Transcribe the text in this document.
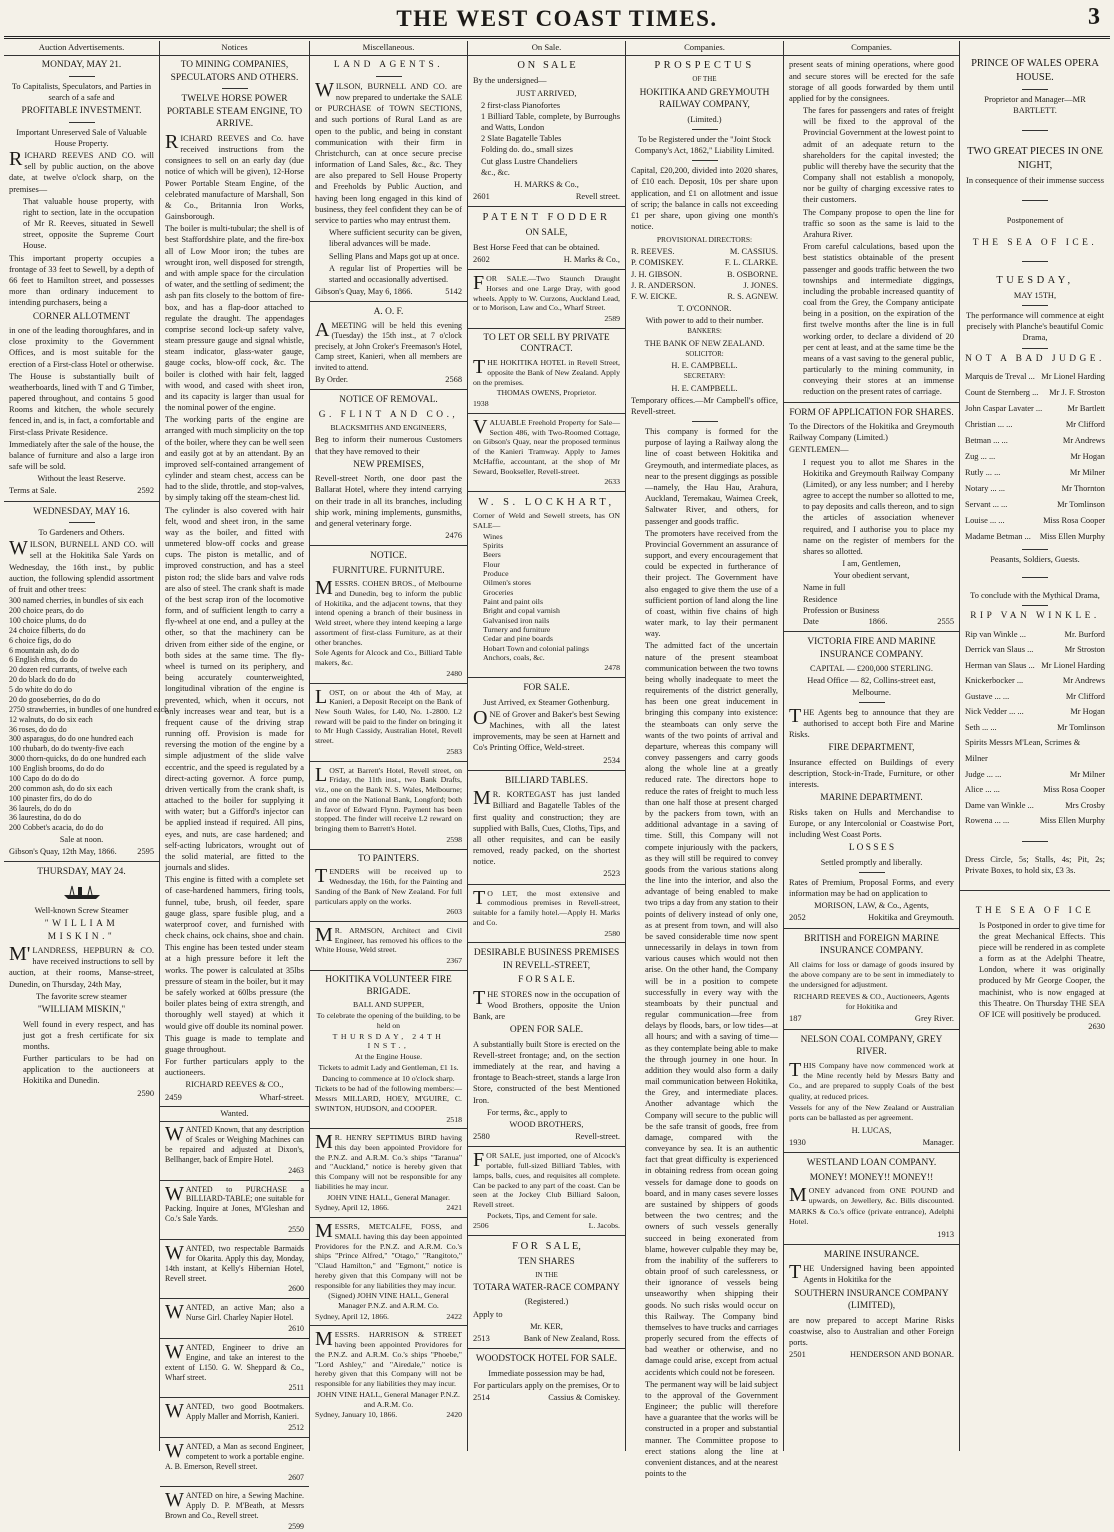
THE WEST COAST TIMES.	3
Auction Advertisements.
MONDAY, MAY 21.

To Capitalists, Speculators, and Parties in search of a safe and

PROFITABLE INVESTMENT.

Important Unreserved Sale of Valuable House Property.

RICHARD REEVES AND CO. will sell by public auction, on the above date, at twelve o'clock sharp, on the premises—

That valuable house property, with right to section, late in the occupation of Mr R. Reeves, situated in Sewell street, opposite the Supreme Court House.

This important property occupies a frontage of 33 feet to Sewell, by a depth of 66 feet to Hamilton street, and possesses more than ordinary inducement to intending purchasers, being a

CORNER ALLOTMENT

in one of the leading thoroughfares, and in close proximity to the Government Offices, and is most suitable for the erection of a First-class Hotel or otherwise.

The House is substantially built of weatherboards, lined with T and G Timber, papered throughout, and contains 5 good Rooms and kitchen, the whole securely fenced in, and is, in fact, a comfortable and First-class Private Residence.

Immediately after the sale of the house, the balance of furniture and also a large iron safe will be sold.

Without the least Reserve.

Terms at Sale.	2592
WEDNESDAY, MAY 16.

To Gardeners and Others.

WILSON, BURNELL AND CO. will sell at the Hokitika Sale Yards on Wednesday, the 16th inst., by public auction, the following splendid assortment of fruit and other trees:

300 named cherries, in bundles of six each
200 choice pears, do do
100 choice plums, do do
24 choice filberts, do do
6 choice figs, do do
6 mountain ash, do do
6 English elms, do do
20 dozen red currants, of twelve each
20 do black do do do
5 do white do do do
20 do gooseberries, do do do
2750 strawberries, in bundles of one hundred each
12 walnuts, do do six each
36 roses, do do do
300 asparagus, do do one hundred each
100 rhubarb, do do twenty-five each
3000 thorn-quicks, do do one hundred each
100 English brooms, do do do
100 Capo do do do do
200 common ash, do do six each
100 pinaster firs, do do do
36 laurels, do do do
36 laurestina, do do do
200 Cobbet's acacia, do do do

Sale at noon.

Gibson's Quay, 12th May, 1866. 2595
THURSDAY, MAY 24.

Well-known Screw Steamer

"WILLIAM MISKIN."

M'LANDRESS, HEPBURN & CO. have received instructions to sell by auction, at their rooms, Manse-street, Dunedin, on Thursday, 24th May,

The favorite screw steamer

"WILLIAM MISKIN,"

Well found in every respect, and has just got a fresh certificate for six months.

Further particulars to be had on application to the auctioneers at Hokitika and Dunedin.

2590
Notices
TO MINING COMPANIES, SPECULATORS AND OTHERS.
TWELVE HORSE POWER PORTABLE STEAM ENGINE, TO ARRIVE.

RICHARD REEVES and Co. have received instructions from the consignees to sell on an early day (due notice of which will be given), 12-Horse Power Portable Steam Engine, of the celebrated manufacture of Marshall, Son & Co., Britannia Iron Works, Gainsborough.

The boiler is multi-tubular; the shell is of best Staffordshire plate, and the fire-box all of Low Moor iron; the tubes are wrought iron, well disposed for strength, and with ample space for the circulation of water, and the settling of sediment; the ash pan fits closely to the bottom of fire-box, and has a flap-door attached to regulate the draught. The appendages comprise second lock-up safety valve, steam pressure gauge and signal whistle, steam indicator, glass-water gauge, gauge cocks, blow-off cock, &c. The boiler is clothed with hair felt, lagged with wood, and cased with sheet iron, and its capacity is larger than usual for the nominal power of the engine.

The working parts of the engine are arranged with much simplicity on the top of the boiler, where they can be well seen and easily got at by an attendant. By an improved self-contained arrangement of cylinder and steam chest, access can be had to the slide, throttle, and stop-valves, by simply taking off the steam-chest lid.

The cylinder is also covered with hair felt, wood and sheet iron, in the same way as the boiler, and fitted with unmetered blow-off cocks and grease cups. The piston is metallic, and of improved construction, and has a steel piston rod; the slide bars and valve rods are also of steel. The crank shaft is made of the best scrap iron of the locomotive form, and of sufficient length to carry a fly-wheel at one end, and a pulley at the other, so that the machinery can be driven from either side of the engine, or both sides at the same time. The fly-wheel is turned on its periphery, and being accurately counterweighted, longitudinal vibration of the engine is prevented, which, when it occurs, not only increases wear and tear, but is a frequent cause of the driving strap running off. Provision is made for reversing the motion of the engine by a simple adjustment of the slide valve eccentric, and the speed is regulated by a direct-acting governor. A force pump, driven vertically from the crank shaft, is attached to the boiler for supplying it with water; but a Gifford's injector can be applied instead if required. All pins, eyes, and nuts, are case hardened; and self-acting lubricators, wrought out of the solid material, are fitted to the journals and slides.

This engine is fitted with a complete set of case-hardened hammers, firing tools, funnel, tube, brush, oil feeder, spare gauge glass, spare fusible plug, and a waterproof cover, and furnished with check chains, ock chains, shoe and chain.

This engine has been tested under steam at a high pressure before it left the works. The power is calculated at 35lbs pressure of steam in the boiler, but it may be safely worked at 60lbs pressure (the boiler plates being of extra strength, and thoroughly well stayed) at which it would give off double its nominal power.

This guage is made to template and guage throughout.

For further particulars apply to the auctioneers.

RICHARD REEVES & CO.,

2459	Wharf-street.
Wanted.

WANTED Known, that any description of Scales or Weighing Machines can be repaired and adjusted at Dixon's, Bellhanger, back of Empire Hotel.

2463

WANTED to PURCHASE a BILLIARD-TABLE; one suitable for Packing. Inquire at Jones, M'Gleshan and Co.'s Sale Yards.

2550

WANTED, two respectable Barmaids for Okarita. Apply this day, Monday, 14th instant, at Kelly's Hibernian Hotel, Revell street.

2600

WANTED, an active Man; also a Nurse Girl. Charley Napier Hotel.

2610

WANTED, Engineer to drive an Engine, and take an interest to the extent of L150. G. W. Sheppard & Co., Wharf street.

2511

WANTED, two good Bootmakers. Apply Maller and Morrish, Kanieri.

2512

WANTED, a Man as second Engineer, competent to work a portable engine. A. B. Emerson, Revell street.

2607

WANTED on hire, a Sewing Machine. Apply D. P. M'Beath, at Messrs Brown and Co., Revell street.

2599
Miscellaneous.
LAND AGENTS.

WILSON, BURNELL AND CO. are now prepared to undertake the SALE or PURCHASE of TOWN SECTIONS, and such portions of Rural Land as are open to the public, and being in constant communication with their firm in Christchurch, can at once secure precise information of Land Sales, &c., &c. They are also prepared to Sell House Property and Freeholds by Public Auction, and having been long engaged in this kind of business, they feel confident they can be of service to parties who may entrust them.

Where sufficient security can be given, liberal advances will be made.

Selling Plans and Maps got up at once.

A regular list of Properties will be started and occasionally advertised.

Gibson's Quay, May 6, 1866.	5142
A. O. F.

AMEETING will be held this evening (Tuesday) the 15th inst., at 7 o'clock precisely, at John Croker's Freemason's Hotel, Camp street, Kanieri, when all members are invited to attend.

By Order.	2568
NOTICE OF REMOVAL.
G. FLINT AND CO.,

BLACKSMITHS AND ENGINEERS,

Beg to inform their numerous Customers that they have removed to their

NEW PREMISES,

Revell-street North, one door past the Ballarat Hotel, where they intend carrying on their trade in all its branches, including ship work, mining implements, gunsmiths, and general veterinary forge.

2476
NOTICE.
FURNITURE. FURNITURE.

MESSRS. COHEN BROS., of Melbourne and Dunedin, beg to inform the public of Hokitika, and the adjacent towns, that they intend opening a branch of their business in Weld street, where they intend keeping a large assortment of first-class Furniture, as at their other branches.

Sole Agents for Alcock and Co., Billiard Table makers, &c.

2480

LOST, on or about the 4th of May, at Kanieri, a Deposit Receipt on the Bank of New South Wales, for L40, No. 1-2800. L2 reward will be paid to the finder on bringing it to Mr Hugh Cassidy, Australian Hotel, Revell street.

2583

LOST, at Barrett's Hotel, Revell street, on Friday, the 11th inst., two Bank Drafts, viz., one on the Bank N. S. Wales, Melbourne; and one on the National Bank, Longford; both in favor of Edward Flynn. Payment has been stopped. The finder will receive L2 reward on bringing them to Barrett's Hotel.

2598
TO PAINTERS.

TENDERS will be received up to Wednesday, the 16th, for the Painting and Sanding of the Bank of New Zealand. For full particulars apply on the works.

2603

MR. ARMSON, Architect and Civil Engineer, has removed his offices to the White House, Weld street.

2367
HOKITIKA VOLUNTEER FIRE BRIGADE.

BALL AND SUPPER,

To celebrate the opening of the building, to be held on

THURSDAY, 24TH INST.,

At the Engine House.

Tickets to admit Lady and Gentleman, £1 1s.

Dancing to commence at 10 o'clock sharp.

Tickets to be had of the following members:—Messrs MILLARD, HOEY, M'GUIRE, C. SWINTON, HUDSON, and COOPER.

2518

MR. HENRY SEPTIMUS BIRD having this day been appointed Providore for the P.N.Z. and A.R.M. Co.'s ships "Taranua" and "Auckland," notice is hereby given that this Company will not be responsible for any liabilities he may incur.

JOHN VINE HALL, General Manager.

Sydney, April 12, 1866.	2421

MESSRS, METCALFE, FOSS, and SMALL having this day been appointed Providores for the P.N.Z. and A.R.M. Co.'s ships "Prince Alfred," "Otago," "Rangitoto," "Claud Hamilton," and "Egmont," notice is hereby given that this Company will not be responsible for any liabilities they may incur.

(Signed) JOHN VINE HALL, General Manager P.N.Z. and A.R.M. Co.

Sydney, April 12, 1866.	2422

MESSRS. HARRISON & STREET having been appointed Providores for the P.N.Z. and A.R.M. Co.'s ships "Phoebe," "Lord Ashley," and "Airedale," notice is hereby given that this Company will not be responsible for any liabilities they may incur.

JOHN VINE HALL, General Manager P.N.Z. and A.R.M. Co.

Sydney, January 10, 1866.	2420
On Sale.
O N   S A L E

By the undersigned—

JUST ARRIVED,

2 first-class Pianofortes
1 Billiard Table, complete, by Burroughs and Watts, London
2 Slate Bagatelle Tables
Folding do. do., small sizes
Cut glass Lustre Chandeliers
&c., &c.

H. MARKS & Co.,

2601	Revell street.
PATENT FODDER
ON SALE,

Best Horse Feed that can be obtained.

2602	H. Marks & Co.,

FOR SALE.—Two Staunch Draught Horses and one Large Dray, with good wheels. Apply to W. Curzons, Auckland Lead, or to Morison, Law and Co., Wharf Street.

2589
TO LET OR SELL BY PRIVATE CONTRACT.

THE HOKITIKA HOTEL in Revell Street, opposite the Bank of New Zealand. Apply on the premises.

THOMAS OWENS, Proprietor.

1938

VALUABLE Freehold Property for Sale—Section 486, with Two-Roomed Cottage, on Gibson's Quay, near the proposed terminus of the Kanieri Tramway. Apply to James McHaffie, accountant, at the shop of Mr Seward, Bookseller, Revell-street.

2633
W. S. LOCKHART,

Corner of Weld and Sewell streets, has ON SALE—

Wines
Spirits
Beers
Flour
Produce
Oilmen's stores
Groceries
Paint and paint oils
Bright and copal varnish
Galvanised iron nails
Turnery and furniture
Cedar and pine boards
Hobart Town and colonial palings
Anchors, coals, &c.

2478
FOR SALE.

Just Arrived, ex Steamer Gothenburg.

ONE of Grover and Baker's best Sewing Machines, with all the latest improvements, may be seen at Harnett and Co's Printing Office, Weld-street.

2534
BILLIARD TABLES.

MR. KORTEGAST has just landed Billiard and Bagatelle Tables of the first quality and construction; they are supplied with Balls, Cues, Cloths, Tips, and all other requisites, and can be easily removed, ready packed, on the shortest notice.

2523

TO LET, the most extensive and commodious premises in Revell-street, suitable for a family hotel.—Apply H. Marks and Co.

2580
DESIRABLE BUSINESS PREMISES IN REVELL-STREET,
F O R S A L E.

THE STORES now in the occupation of Wood Brothers, opposite the Union Bank, are

OPEN FOR SALE.

A substantially built Store is erected on the Revell-street frontage; and, on the section immediately at the rear, and having a frontage to Beach-street, stands a large Iron Store, constructed of the best Mentioned Iron.

For terms, &c., apply to

WOOD BROTHERS,

2580	Revell-street.

FOR SALE, just imported, one of Alcock's portable, full-sized Billiard Tables, with lamps, balls, cues, and requisites all complete. Can be packed to any part of the coast. Can be seen at the Jockey Club Billiard Saloon, Revell street.

Pockets, Tips, and Cement for sale.

2506	L. Jacobs.
F O R   S A L E,
TEN SHARES

IN THE

TOTARA WATER-RACE COMPANY

(Registered.)

Apply to

Mr. KER,

2513	Bank of New Zealand, Ross.
WOODSTOCK HOTEL FOR SALE.

Immediate possession may be had,

For particulars apply on the premises, Or to

2514	Cassius & Comiskey.
Companies.
PROSPECTUS

OF THE

HOKITIKA AND GREYMOUTH RAILWAY COMPANY,

(Limited.)

To be Registered under the "Joint Stock Company's Act, 1862," Liability Limited.

Capital, £20,200, divided into 2020 shares, of £10 each. Deposit, 10s per share upon application, and £1 on allotment and issue of scrip; the balance in calls not exceeding £1 per share, upon giving one month's notice.

PROVISIONAL DIRECTORS:

R. REEVES.	M. CASSIUS.
P. COMISKEY.	F. L. CLARKE.
J. H. GIBSON.	B. OSBORNE.
J. R. ANDERSON.	J. JONES.
F. W. EICKE.	R. S. AGNEW.

T. O'CONNOR.

With power to add to their number.

BANKERS:

THE BANK OF NEW ZEALAND.

SOLICITOR:

H. E. CAMPBELL.

SECRETARY:

H. E. CAMPBELL.

Temporary offices.—Mr Campbell's office, Revell-street.

This company is formed for the purpose of laying a Railway along the line of coast between Hokitika and Greymouth, and intermediate places, as near to the present diggings as possible—namely, the Hau Hau, Arahura, Auckland, Teremakau, Waimea Creek, Saltwater River, and others, for passenger and goods traffic.

The promoters have received from the Provincial Government an assurance of support, and every encouragement that could be expected in furtherance of their project. The Government have also engaged to give them the use of a sufficient portion of land along the line of coast, within five chains of high water mark, to lay their permanent way.

The admitted fact of the uncertain nature of the present steamboat communication between the two towns being wholly inadequate to meet the requirements of the district generally, has been one great inducement in bringing this company into existence: the steamboats can only serve the wants of the two points of arrival and departure, whereas this company will convey passengers and carry goods along the whole line at a greatly reduced rate. The directors hope to reduce the rates of freight to much less than one half those at present charged by the packers from town, with an additional advantage in a saving of time. Still, this Company will not compete injuriously with the packers, as they will still be required to convey goods from the various stations along the line into the interior, and also the advantage of being enabled to make two trips a day from any station to their points of delivery instead of only one, as at present from town, and will also be saved considerable time now spent unnecessarily in delays in town from various causes which would not then arise. On the other hand, the Company will be in a position to compete successfully in every way with the steamboats by their punctual and regular communication—free from delays by floods, bars, or low tides—at all hours; and with a saving of time—as they contemplate being able to make the through journey in one hour. In addition they would also form a daily mail communication between Hokitika, the Grey, and intermediate places. Another advantage which the Company will secure to the public will be the safe transit of goods, free from damage, compared with the conveyance by sea. It is an authentic fact that great difficulty is experienced in obtaining redress from ocean going vessels for damage done to goods on board, and in many cases severe losses are sustained by shippers of goods between the two centres; and the owners of such vessels generally succeed in being exonerated from blame, however culpable they may be, from the inability of the sufferers to obtain proof of such carelessness, or their ignorance of vessels being unseaworthy when shipping their goods. No such risks would occur on this Railway. The Company bind themselves to have trucks and carriages properly secured from the effects of bad weather or otherwise, and no damage could arise, except from actual accidents which could not be foreseen.

The permanent way will be laid subject to the approval of the Government Engineer; the public will therefore have a guarantee that the works will be constructed in a proper and substantial manner. The Committee propose to erect stations along the line at convenient distances, and at the nearest points to the

Companies.

present seats of mining operations, where good and secure stores will be erected for the safe storage of all goods forwarded by them until applied for by the consignees.

The fares for passengers and rates of freight will be fixed to the approval of the Provincial Government at the lowest point to admit of an adequate return to the shareholders for the capital invested; the public will thereby have the security that the Company shall not establish a monopoly, nor be guilty of charging excessive rates to their customers.

The Company propose to open the line for traffic so soon as the same is laid to the Arahura River.

From careful calculations, based upon the best statistics obtainable of the present passenger and goods traffic between the two townships and intermediate diggings, including the probable increased quantity of coal from the Grey, the Company anticipate being in a position, on the expiration of the first twelve months after the line is in full working order, to declare a dividend of 20 per cent at least, and at the same time be the means of a vast saving to the general public, particularly to the mining community, in conveying their stores at an immense reduction on the present rates of carriage.

FORM OF APPLICATION FOR SHARES.

To the Directors of the Hokitika and Greymouth Railway Company (Limited.)

GENTLEMEN—

I request you to allot me Shares in the Hokitika and Greymouth Railway Company (Limited), or any less number; and I hereby agree to accept the number so allotted to me, to pay deposits and calls thereon, and to sign the articles of association whenever required, and I authorise you to place my name on the register of members for the shares so allotted.

I am, Gentlemen,

Your obedient servant,

Name in full
Residence
Profession or Business
Date	1866.	2555
VICTORIA FIRE AND MARINE INSURANCE COMPANY.

CAPITAL — £200,000 STERLING.

Head Office — 82, Collins-street east, Melbourne.

THE Agents beg to announce that they are authorised to accept both Fire and Marine Risks.

FIRE DEPARTMENT,

Insurance effected on Buildings of every description, Stock-in-Trade, Furniture, or other interests.

MARINE DEPARTMENT.

Risks taken on Hulls and Merchandise to Europe, or any Intercolonial or Coastwise Port, including West Coast Ports.

L O S S E S

Settled promptly and liberally.

Rates of Premium, Proposal Forms, and every information may be had on application to

MORISON, LAW, & Co., Agents,

2052	Hokitika and Greymouth.
BRITISH and FOREIGN MARINE INSURANCE COMPANY.

All claims for loss or damage of goods insured by the above company are to be sent in immediately to the undersigned for adjustment.

RICHARD REEVES & CO., Auctioneers, Agents for Hokitika and

187	Grey River.
NELSON COAL COMPANY, GREY RIVER.

THIS Company have now commenced work at the Mine recently held by Messrs Batty and Co., and are prepared to supply Coals of the best quality, at reduced prices.

Vessels for any of the New Zealand or Australian ports can be ballasted as per agreement.

H. LUCAS,

1930	Manager.
WESTLAND LOAN COMPANY.
MONEY! MONEY!! MONEY!!

MONEY advanced from ONE POUND and upwards, on Jewellery, &c. Bills discounted. MARKS & Co.'s office (private entrance), Adelphi Hotel.

1913
MARINE INSURANCE.

THE Undersigned having been appointed Agents in Hokitika for the

SOUTHERN INSURANCE COMPANY (LIMITED),

are now prepared to accept Marine Risks coastwise, also to Australian and other Foreign ports.

2501	HENDERSON AND BONAR.
PRINCE OF WALES OPERA HOUSE.

Proprietor and Manager—MR BARTLETT.

TWO GREAT PIECES IN ONE NIGHT,

In consequence of their immense success

Postponement of

THE SEA OF ICE.
TUESDAY,

MAY 15TH,

The performance will commence at eight precisely with Planche's beautiful Comic Drama,

NOT A BAD JUDGE.
Marquis de Treval ... Mr Lionel Harding
Count de Sternberg ... Mr J. F. Stroston
John Caspar Lavater ...	Mr Bartlett
Christian ... ...	Mr Clifford
Betman ... ...	Mr Andrews
Zug ... ...	Mr Hogan
Rutly ... ...	Mr Milner
Notary ... ...	Mr Thornton
Servant ... ...	Mr Tomlinson
Louise ... ...	Miss Rosa Cooper
Madame Betman ... Miss Ellen Murphy

Peasants, Soldiers, Guests.

To conclude with the Mythical Drama,

RIP VAN WINKLE.
Rip van Winkle ...	Mr. Burford
Derrick van Slaus ...	Mr Stroston
Herman van Slaus ... Mr Lionel Harding
Knickerbocker ...	Mr Andrews
Gustave ... ...	Mr Clifford
Nick Vedder ... ...	Mr Hogan
Seth ... ...	Mr Tomlinson
Spirits Messrs M'Lean, Scrimes & Milner
Judge ... ...	Mr Milner
Alice ... ...	Miss Rosa Cooper
Dame van Winkle ...	Mrs Crosby
Rowena ... ...	Miss Ellen Murphy

Dress Circle, 5s; Stalls, 4s; Pit, 2s; Private Boxes, to hold six, £3 3s.

THE SEA OF ICE

Is Postponed in order to give time for the great Mechanical Effects. This piece will be rendered in as complete a form as at the Adelphi Theatre, London, where it was originally produced by Mr George Cooper, the machinist, who is now engaged at this Theatre. On Thursday THE SEA OF ICE will positively be produced.

2630
